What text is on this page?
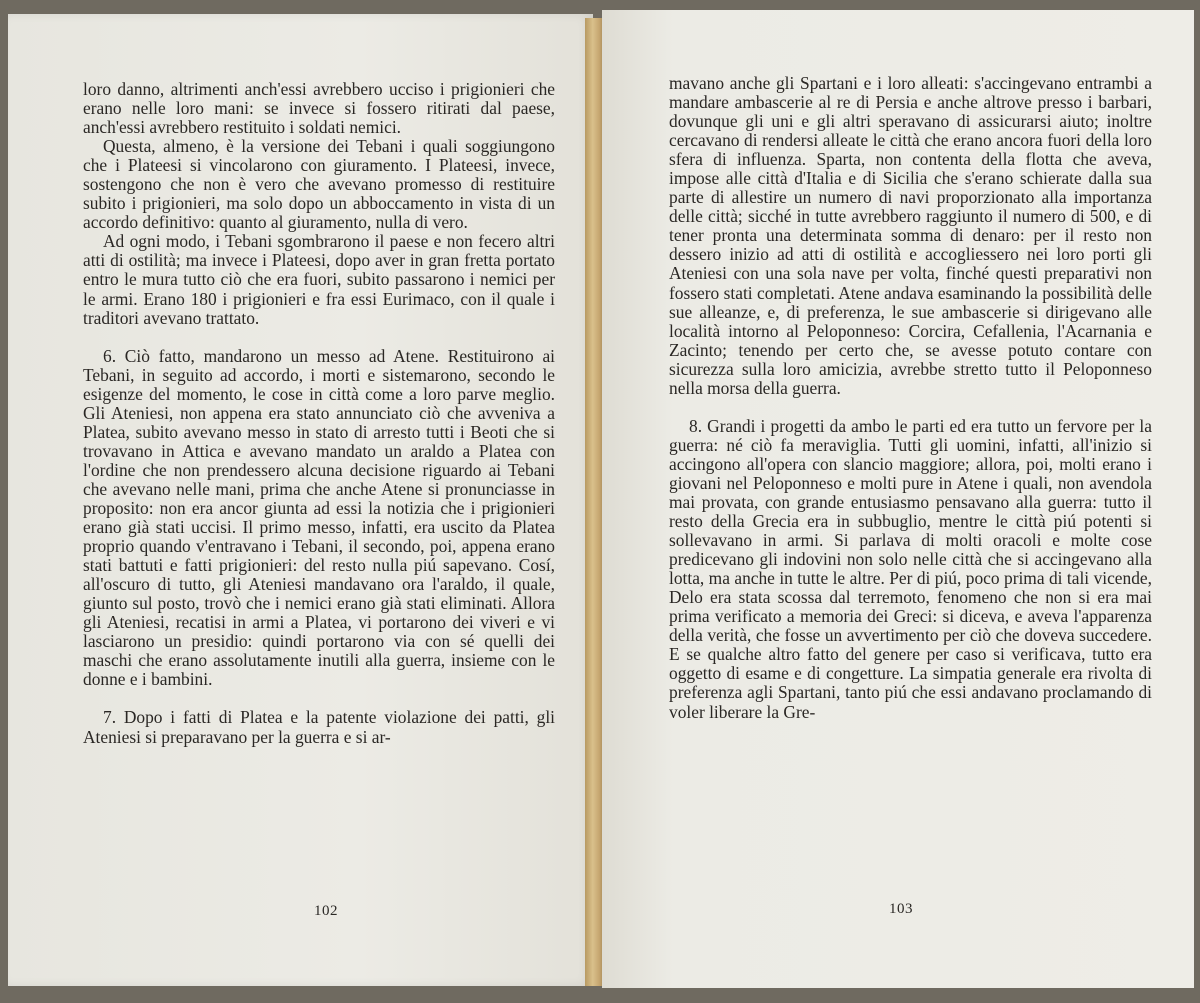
loro danno, altrimenti anch'essi avrebbero ucciso i prigionieri che erano nelle loro mani: se invece si fossero ritirati dal paese, anch'essi avrebbero restituito i soldati nemici.

Questa, almeno, è la versione dei Tebani i quali soggiungono che i Plateesi si vincolarono con giuramento. I Plateesi, invece, sostengono che non è vero che avevano promesso di restituire subito i prigionieri, ma solo dopo un abboccamento in vista di un accordo definitivo: quanto al giuramento, nulla di vero.

Ad ogni modo, i Tebani sgombrarono il paese e non fecero altri atti di ostilità; ma invece i Plateesi, dopo aver in gran fretta portato entro le mura tutto ciò che era fuori, subito passarono i nemici per le armi. Erano 180 i prigionieri e fra essi Eurimaco, con il quale i traditori avevano trattato.

6. Ciò fatto, mandarono un messo ad Atene. Restituirono ai Tebani, in seguito ad accordo, i morti e sistemarono, secondo le esigenze del momento, le cose in città come a loro parve meglio. Gli Ateniesi, non appena era stato annunciato ciò che avveniva a Platea, subito avevano messo in stato di arresto tutti i Beoti che si trovavano in Attica e avevano mandato un araldo a Platea con l'ordine che non prendessero alcuna decisione riguardo ai Tebani che avevano nelle mani, prima che anche Atene si pronunciasse in proposito: non era ancor giunta ad essi la notizia che i prigionieri erano già stati uccisi. Il primo messo, infatti, era uscito da Platea proprio quando v'entravano i Tebani, il secondo, poi, appena erano stati battuti e fatti prigionieri: del resto nulla piú sapevano. Cosí, all'oscuro di tutto, gli Ateniesi mandavano ora l'araldo, il quale, giunto sul posto, trovò che i nemici erano già stati eliminati. Allora gli Ateniesi, recatisi in armi a Platea, vi portarono dei viveri e vi lasciarono un presidio: quindi portarono via con sé quelli dei maschi che erano assolutamente inutili alla guerra, insieme con le donne e i bambini.

7. Dopo i fatti di Platea e la patente violazione dei patti, gli Ateniesi si preparavano per la guerra e si ar-

102

mavano anche gli Spartani e i loro alleati: s'accingevano entrambi a mandare ambascerie al re di Persia e anche altrove presso i barbari, dovunque gli uni e gli altri speravano di assicurarsi aiuto; inoltre cercavano di rendersi alleate le città che erano ancora fuori della loro sfera di influenza. Sparta, non contenta della flotta che aveva, impose alle città d'Italia e di Sicilia che s'erano schierate dalla sua parte di allestire un numero di navi proporzionato alla importanza delle città; sicché in tutte avrebbero raggiunto il numero di 500, e di tener pronta una determinata somma di denaro: per il resto non dessero inizio ad atti di ostilità e accogliessero nei loro porti gli Ateniesi con una sola nave per volta, finché questi preparativi non fossero stati completati. Atene andava esaminando la possibilità delle sue alleanze, e, di preferenza, le sue ambascerie si dirigevano alle località intorno al Peloponneso: Corcira, Cefallenia, l'Acarnania e Zacinto; tenendo per certo che, se avesse potuto contare con sicurezza sulla loro amicizia, avrebbe stretto tutto il Peloponneso nella morsa della guerra.

8. Grandi i progetti da ambo le parti ed era tutto un fervore per la guerra: né ciò fa meraviglia. Tutti gli uomini, infatti, all'inizio si accingono all'opera con slancio maggiore; allora, poi, molti erano i giovani nel Peloponneso e molti pure in Atene i quali, non avendola mai provata, con grande entusiasmo pensavano alla guerra: tutto il resto della Grecia era in subbuglio, mentre le città piú potenti si sollevavano in armi. Si parlava di molti oracoli e molte cose predicevano gli indovini non solo nelle città che si accingevano alla lotta, ma anche in tutte le altre. Per di piú, poco prima di tali vicende, Delo era stata scossa dal terremoto, fenomeno che non si era mai prima verificato a memoria dei Greci: si diceva, e aveva l'apparenza della verità, che fosse un avvertimento per ciò che doveva succedere. E se qualche altro fatto del genere per caso si verificava, tutto era oggetto di esame e di congetture. La simpatia generale era rivolta di preferenza agli Spartani, tanto piú che essi andavano proclamando di voler liberare la Gre-

103
